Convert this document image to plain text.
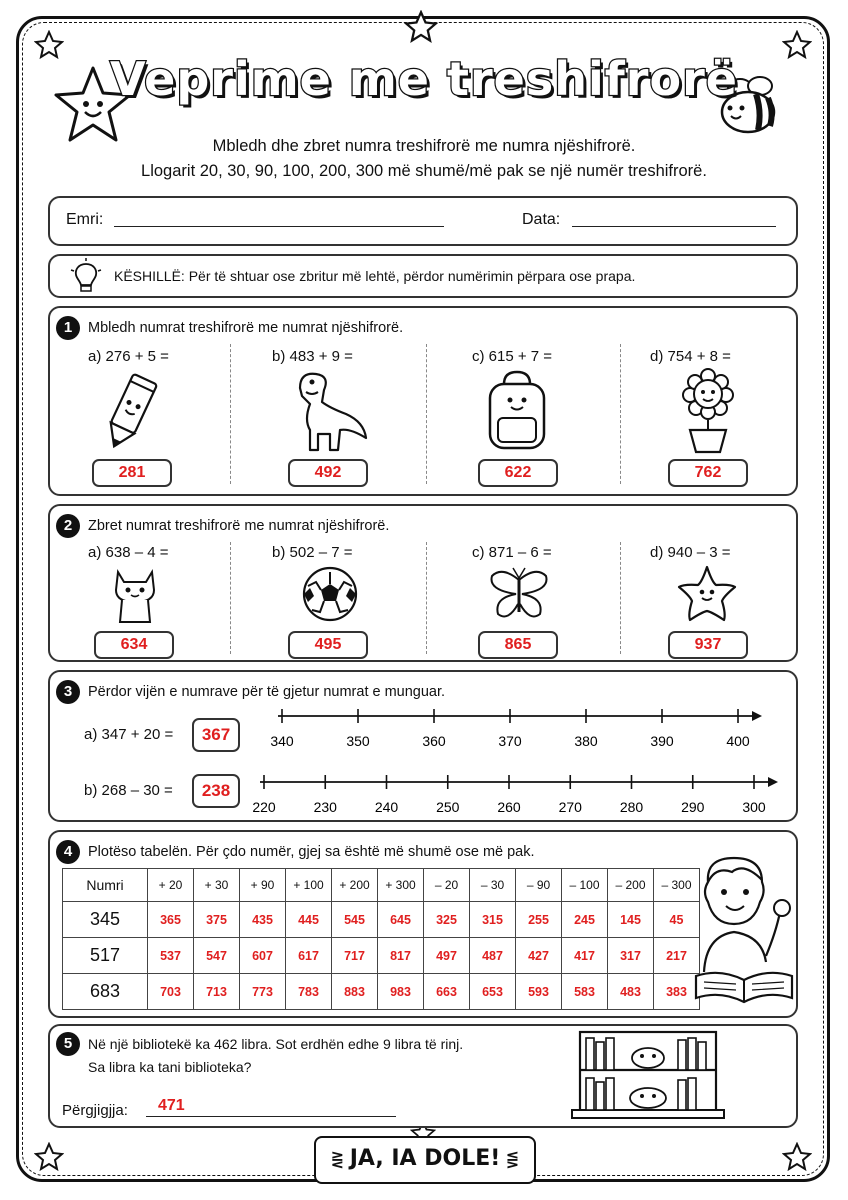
Veprime me treshifrorë
Mbledh dhe zbret numra treshifrorë me numra njëshifrorë.
Llogarit 20, 30, 90, 100, 200, 300 më shumë/më pak se një numër treshifrorë.
Emri:	Data:
KËSHILLË: Për të shtuar ose zbritur më lehtë, përdor numërimin përpara ose prapa.
1	Mbledh numrat treshifrorë me numrat njëshifrorë.
a) 276 + 5 =	b) 483 + 9 =	c) 615 + 7 =	d) 754 + 8 =
281	492	622	762
2	Zbret numrat treshifrorë me numrat njëshifrorë.
a) 638 – 4 =	b) 502 – 7 =	c) 871 – 6 =	d) 940 – 3 =
634	495	865	937
3	Përdor vijën e numrave për të gjetur numrat e munguar.
a) 347 + 20 =	367
b) 268 – 30 =	238
340	350	360	370	380	390	400
220	230	240	250	260	270	280	290	300
4	Plotëso tabelën. Për çdo numër, gjej sa është më shumë ose më pak.
Numri	+ 20	+ 30	+ 90	+ 100	+ 200	+ 300	– 20	– 30	– 90	– 100	– 200	– 300
345	365	375	435	445	545	645	325	315	255	245	145	45
517	537	547	607	617	717	817	497	487	427	417	317	217
683	703	713	773	783	883	983	663	653	593	583	483	383
5	Në një bibliotekë ka 462 libra. Sot erdhën edhe 9 libra të rinj.
Sa libra ka tani biblioteka?
Përgjigjja: 471
⋛ JA, IA DOLE! ⋚
